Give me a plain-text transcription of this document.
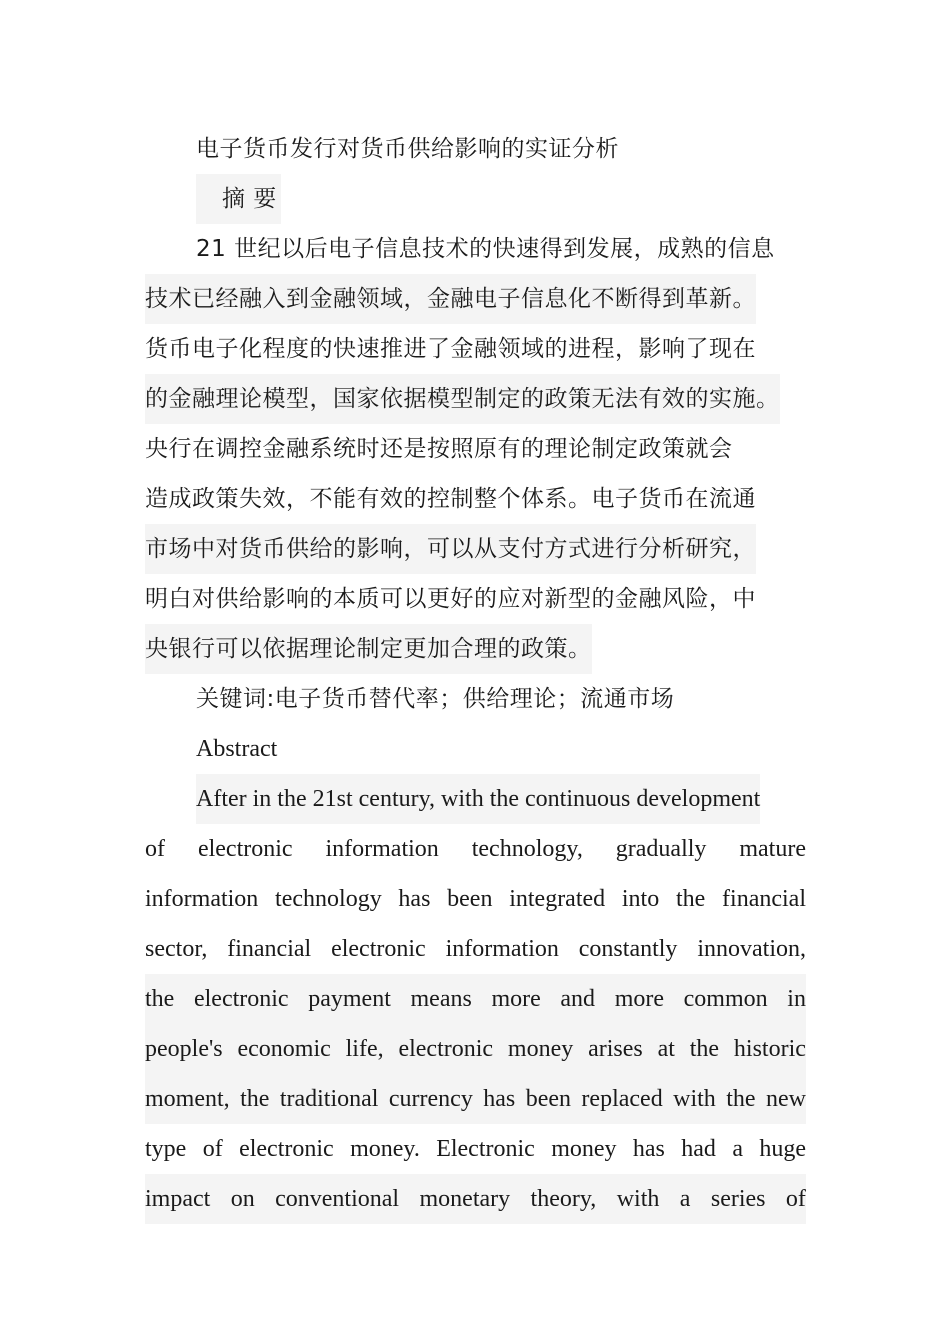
电子货币发行对货币供给影响的实证分析
摘 要
21 世纪以后电子信息技术的快速得到发展，成熟的信息
技术已经融入到金融领域，金融电子信息化不断得到革新。
货币电子化程度的快速推进了金融领域的进程，影响了现在
的金融理论模型，国家依据模型制定的政策无法有效的实施。
央行在调控金融系统时还是按照原有的理论制定政策就会
造成政策失效，不能有效的控制整个体系。电子货币在流通
市场中对货币供给的影响，可以从支付方式进行分析研究，
明白对供给影响的本质可以更好的应对新型的金融风险，中
央银行可以依据理论制定更加合理的政策。
关键词:电子货币替代率；供给理论；流通市场
Abstract
After in the 21st century, with the continuous development
of electronic information technology, gradually mature
information technology has been integrated into the financial
sector, financial electronic information constantly innovation,
the electronic payment means more and more common in
people's economic life, electronic money arises at the historic
moment, the traditional currency has been replaced with the new
type of electronic money. Electronic money has had a huge
impact on conventional monetary theory, with a series of
